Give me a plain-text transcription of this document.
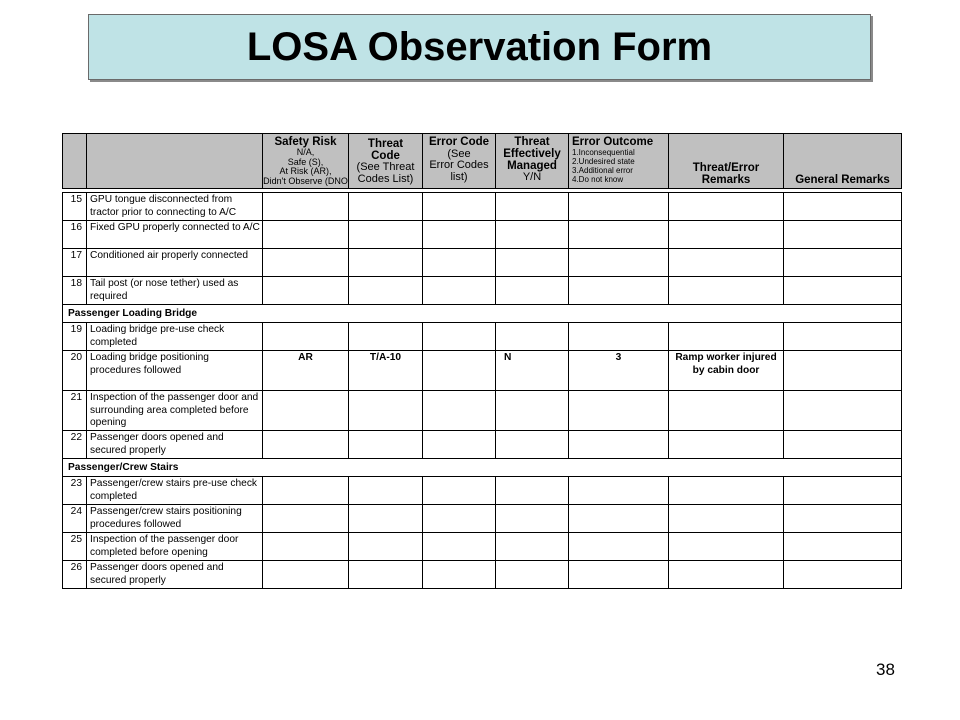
LOSA Observation Form

Safety Risk
N/A,
Safe (S),
At Risk (AR),
Didn't Observe (DNO

Threat Code
(See Threat Codes List)

Error Code (See
Error Codes list)

Threat Effectively Managed
Y/N

Error Outcome
1.Inconsequential
2.Undesired state
3.Additional error
4.Do not know

Threat/Error Remarks	General Remarks
15	GPU tongue disconnected from tractor prior to connecting to A/C							
16	Fixed GPU properly connected to A/C							
17	Conditioned air properly connected							
18	Tail post (or nose tether) used as required							
Passenger Loading Bridge								
19	Loading bridge pre-use check completed							
20	Loading bridge positioning procedures followed	AR	T/A-10		N	3	Ramp worker injured by cabin door	
21	Inspection of the passenger door and surrounding area completed before opening							
22	Passenger doors opened and secured properly							
Passenger/Crew Stairs								
23	Passenger/crew stairs pre-use check completed							
24	Passenger/crew stairs positioning procedures followed							
25	Inspection of the passenger door completed before opening							
26	Passenger doors opened and secured properly							
38
